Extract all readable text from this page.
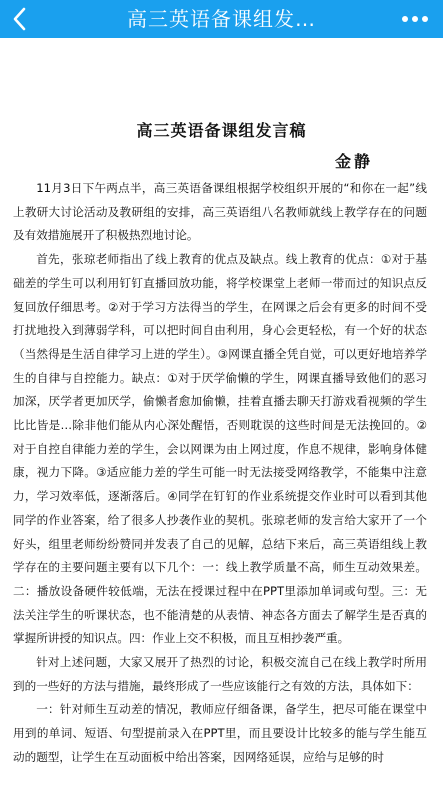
高三英语备课组发…
高三英语备课组发言稿
金静

11月3日下午两点半，高三英语备课组根据学校组织开展的“和你在一起”线上教研大讨论活动及教研组的安排，高三英语组八名教师就线上教学存在的问题及有效措施展开了积极热烈地讨论。

首先，张琼老师指出了线上教育的优点及缺点。线上教育的优点：①对于基础差的学生可以利用钉钉直播回放功能，将学校课堂上老师一带而过的知识点反复回放仔细思考。②对于学习方法得当的学生，在网课之后会有更多的时间不受打扰地投入到薄弱学科，可以把时间自由利用，身心会更轻松，有一个好的状态（当然得是生活自律学习上进的学生）。③网课直播全凭自觉，可以更好地培养学生的自律与自控能力。缺点：①对于厌学偷懒的学生，网课直播导致他们的恶习加深，厌学者更加厌学，偷懒者愈加偷懒，挂着直播去聊天打游戏看视频的学生比比皆是…除非他们能从内心深处醒悟，否则耽误的这些时间是无法挽回的。②对于自控自律能力差的学生，会以网课为由上网过度，作息不规律，影响身体健康，视力下降。③适应能力差的学生可能一时无法接受网络教学，不能集中注意力，学习效率低，逐渐落后。④同学在钉钉的作业系统提交作业时可以看到其他同学的作业答案，给了很多人抄袭作业的契机。张琼老师的发言给大家开了一个好头，组里老师纷纷赞同并发表了自己的见解，总结下来后，高三英语组线上教学存在的主要问题主要有以下几个：一：线上教学质量不高，师生互动效果差。二：播放设备硬件较低端，无法在授课过程中在PPT里添加单词或句型。三：无法关注学生的听课状态，也不能清楚的从表情、神态各方面去了解学生是否真的掌握所讲授的知识点。四：作业上交不积极，而且互相抄袭严重。

针对上述问题，大家又展开了热烈的讨论，积极交流自己在线上教学时所用到的一些好的方法与措施，最终形成了一些应该能行之有效的方法，具体如下：

一：针对师生互动差的情况，教师应仔细备课，备学生，把尽可能在课堂中用到的单词、短语、句型提前录入在PPT里，而且要设计比较多的能与学生能互动的题型，让学生在互动面板中给出答案，因网络延误，应给与足够的时
